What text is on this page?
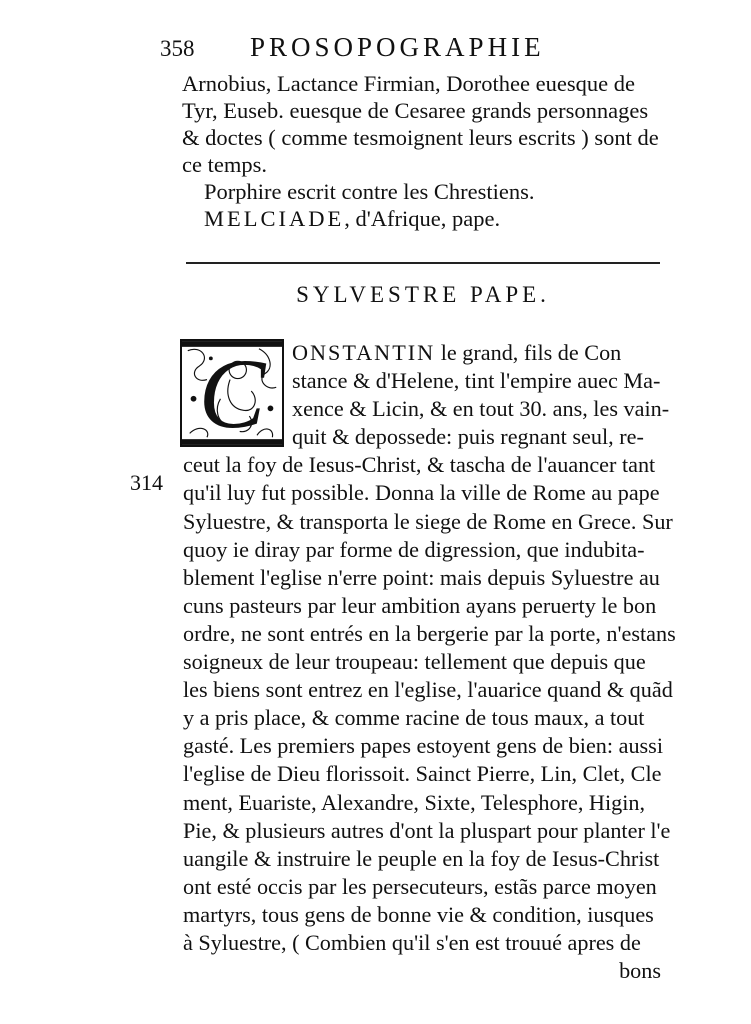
358 PROSOPOGRAPHIE
Arnobius, Lactance Firmian, Dorothee euesque de
Tyr, Euseb. euesque de Cesaree grands personnages
& doctes ( comme tesmoignent leurs escrits ) sont de
ce temps.
Porphire escrit contre les Chrestiens.
MELCIADE, d'Afrique, pape.
SYLVESTRE PAPE.
C	ONSTANTIN le grand, fils de Con
stance & d'Helene, tint l'empire auec Ma-
xence & Licin, & en tout 30. ans, les vain-
quit & depossede: puis regnant seul, re-
ceut la foy de Iesus-Christ, & tascha de l'auancer tant
qu'il luy fut possible. Donna la ville de Rome au pape
Syluestre, & transporta le siege de Rome en Grece. Sur
quoy ie diray par forme de digression, que indubita-
blement l'eglise n'erre point: mais depuis Syluestre au
cuns pasteurs par leur ambition ayans peruerty le bon
ordre, ne sont entrés en la bergerie par la porte, n'estans
soigneux de leur troupeau: tellement que depuis que
les biens sont entrez en l'eglise, l'auarice quand & quãd
y a pris place, & comme racine de tous maux, a tout
gasté. Les premiers papes estoyent gens de bien: aussi
l'eglise de Dieu florissoit. Sainct Pierre, Lin, Clet, Cle
ment, Euariste, Alexandre, Sixte, Telesphore, Higin,
Pie, & plusieurs autres d'ont la pluspart pour planter l'e
uangile & instruire le peuple en la foy de Iesus-Christ
ont esté occis par les persecuteurs, estãs parce moyen
martyrs, tous gens de bonne vie & condition, iusques
à Syluestre, ( Combien qu'il s'en est trouué apres de
bons
314
